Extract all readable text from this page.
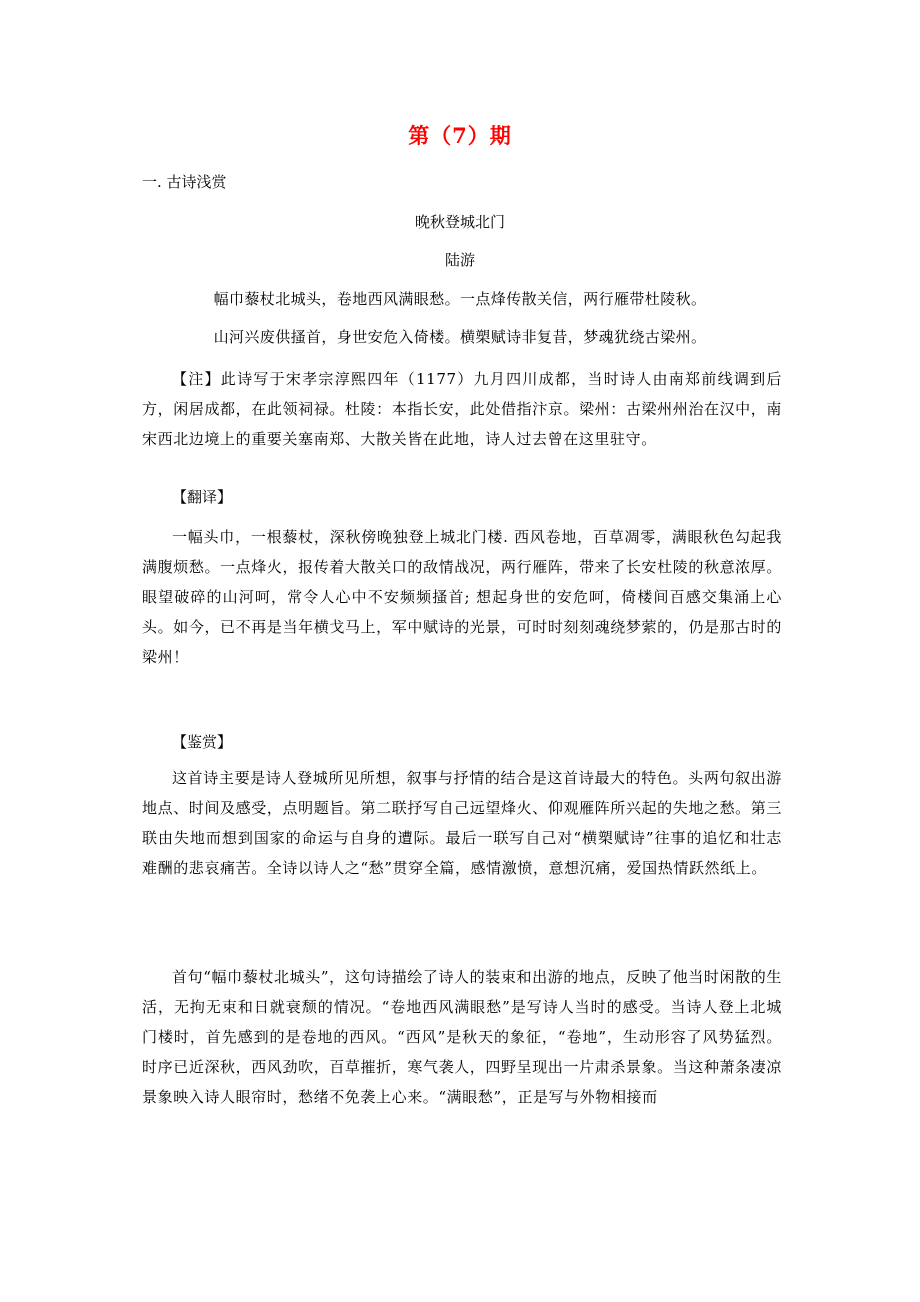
第（7）期
一. 古诗浅赏
晚秋登城北门
陆游
幅巾藜杖北城头，卷地西风满眼愁。一点烽传散关信，两行雁带杜陵秋。
山河兴废供搔首，身世安危入倚楼。横槊赋诗非复昔，梦魂犹绕古梁州。

【注】此诗写于宋孝宗淳熙四年（1177）九月四川成都，当时诗人由南郑前线调到后方，闲居成都，在此领祠禄。杜陵：本指长安，此处借指汴京。梁州：古梁州州治在汉中，南宋西北边境上的重要关塞南郑、大散关皆在此地，诗人过去曾在这里驻守。

【翻译】

一幅头巾，一根藜杖，深秋傍晚独登上城北门楼. 西风卷地，百草凋零，满眼秋色勾起我满腹烦愁。一点烽火，报传着大散关口的敌情战况，两行雁阵，带来了长安杜陵的秋意浓厚。眼望破碎的山河呵，常令人心中不安频频搔首; 想起身世的安危呵，倚楼间百感交集涌上心头。如今，已不再是当年横戈马上，军中赋诗的光景，可时时刻刻魂绕梦萦的，仍是那古时的梁州！

【鉴赏】

这首诗主要是诗人登城所见所想，叙事与抒情的结合是这首诗最大的特色。头两句叙出游地点、时间及感受，点明题旨。第二联抒写自己远望烽火、仰观雁阵所兴起的失地之愁。第三联由失地而想到国家的命运与自身的遭际。最后一联写自己对“横槊赋诗”往事的追忆和壮志难酬的悲哀痛苦。全诗以诗人之“愁”贯穿全篇，感情激愤，意想沉痛，爱国热情跃然纸上。

首句“幅巾藜杖北城头”，这句诗描绘了诗人的装束和出游的地点，反映了他当时闲散的生活，无拘无束和日就衰颓的情况。“卷地西风满眼愁”是写诗人当时的感受。当诗人登上北城门楼时，首先感到的是卷地的西风。“西风”是秋天的象征，“卷地”，生动形容了风势猛烈。时序已近深秋，西风劲吹，百草摧折，寒气袭人，四野呈现出一片肃杀景象。当这种萧条凄凉景象映入诗人眼帘时，愁绪不免袭上心来。“满眼愁”，正是写与外物相接而
